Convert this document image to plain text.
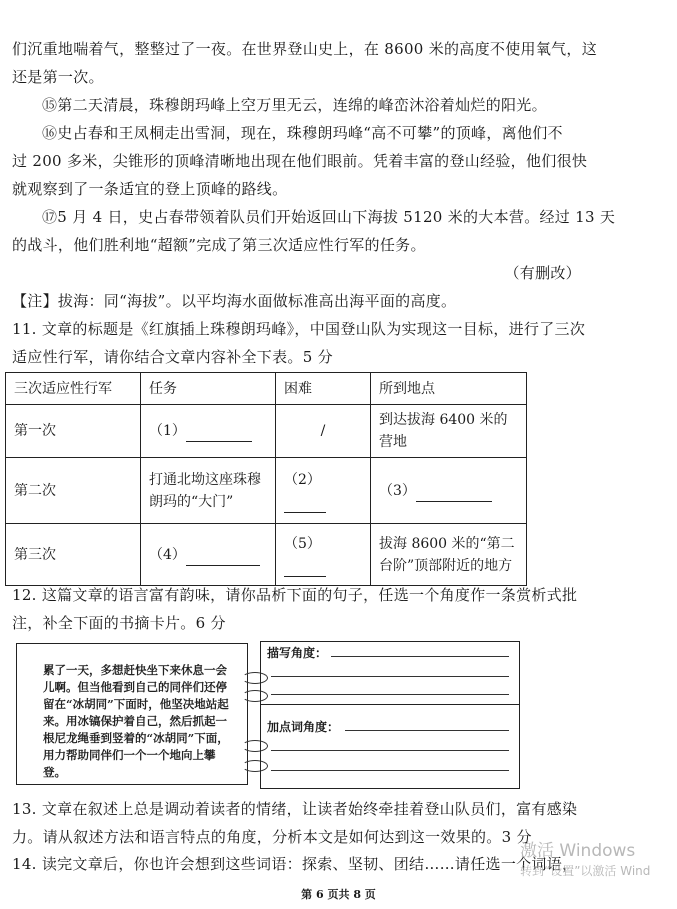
们沉重地喘着气，整整过了一夜。在世界登山史上，在 8600 米的高度不使用氧气，这
还是第一次。
⑮第二天清晨，珠穆朗玛峰上空万里无云，连绵的峰峦沐浴着灿烂的阳光。
⑯史占春和王凤桐走出雪洞，现在，珠穆朗玛峰“高不可攀”的顶峰，离他们不
过 200 多米，尖锥形的顶峰清晰地出现在他们眼前。凭着丰富的登山经验，他们很快
就观察到了一条适宜的登上顶峰的路线。
⑰5 月 4 日，史占春带领着队员们开始返回山下海拔 5120 米的大本营。经过 13 天
的战斗，他们胜利地“超额”完成了第三次适应性行军的任务。
（有删改）
【注】拔海：同“海拔”。以平均海水面做标准高出海平面的高度。
11. 文章的标题是《红旗插上珠穆朗玛峰》，中国登山队为实现这一目标，进行了三次
适应性行军，请你结合文章内容补全下表。5 分
三次适应性行军	任务	困难	所到地点
第一次	（1）	/	到达拔海 6400 米的营地
第二次	打通北坳这座珠穆朗玛的“大门”	（2）	（3）
第三次	（4）	（5）	拔海 8600 米的“第二台阶”顶部附近的地方
12. 这篇文章的语言富有韵味，请你品析下面的句子，任选一个角度作一条赏析式批
注，补全下面的书摘卡片。6 分
累了一天，多想赶快坐下来休息一会儿啊。但当他看到自己的同伴们还停留在“冰胡同”下面时，他坚决地站起来。用冰镐保护着自己，然后抓起一根尼龙绳垂到竖着的“冰胡同”下面，用力帮助同伴们一个一个地向上攀登。
描写角度：
加点词角度：
13. 文章在叙述上总是调动着读者的情绪，让读者始终牵挂着登山队员们，富有感染
力。请从叙述方法和语言特点的角度，分析本文是如何达到这一效果的。3 分
14. 读完文章后，你也许会想到这些词语：探索、坚韧、团结……请任选一个词语，
第 6 页共 8 页
激活 Windows
转到“设置”以激活 Wind
